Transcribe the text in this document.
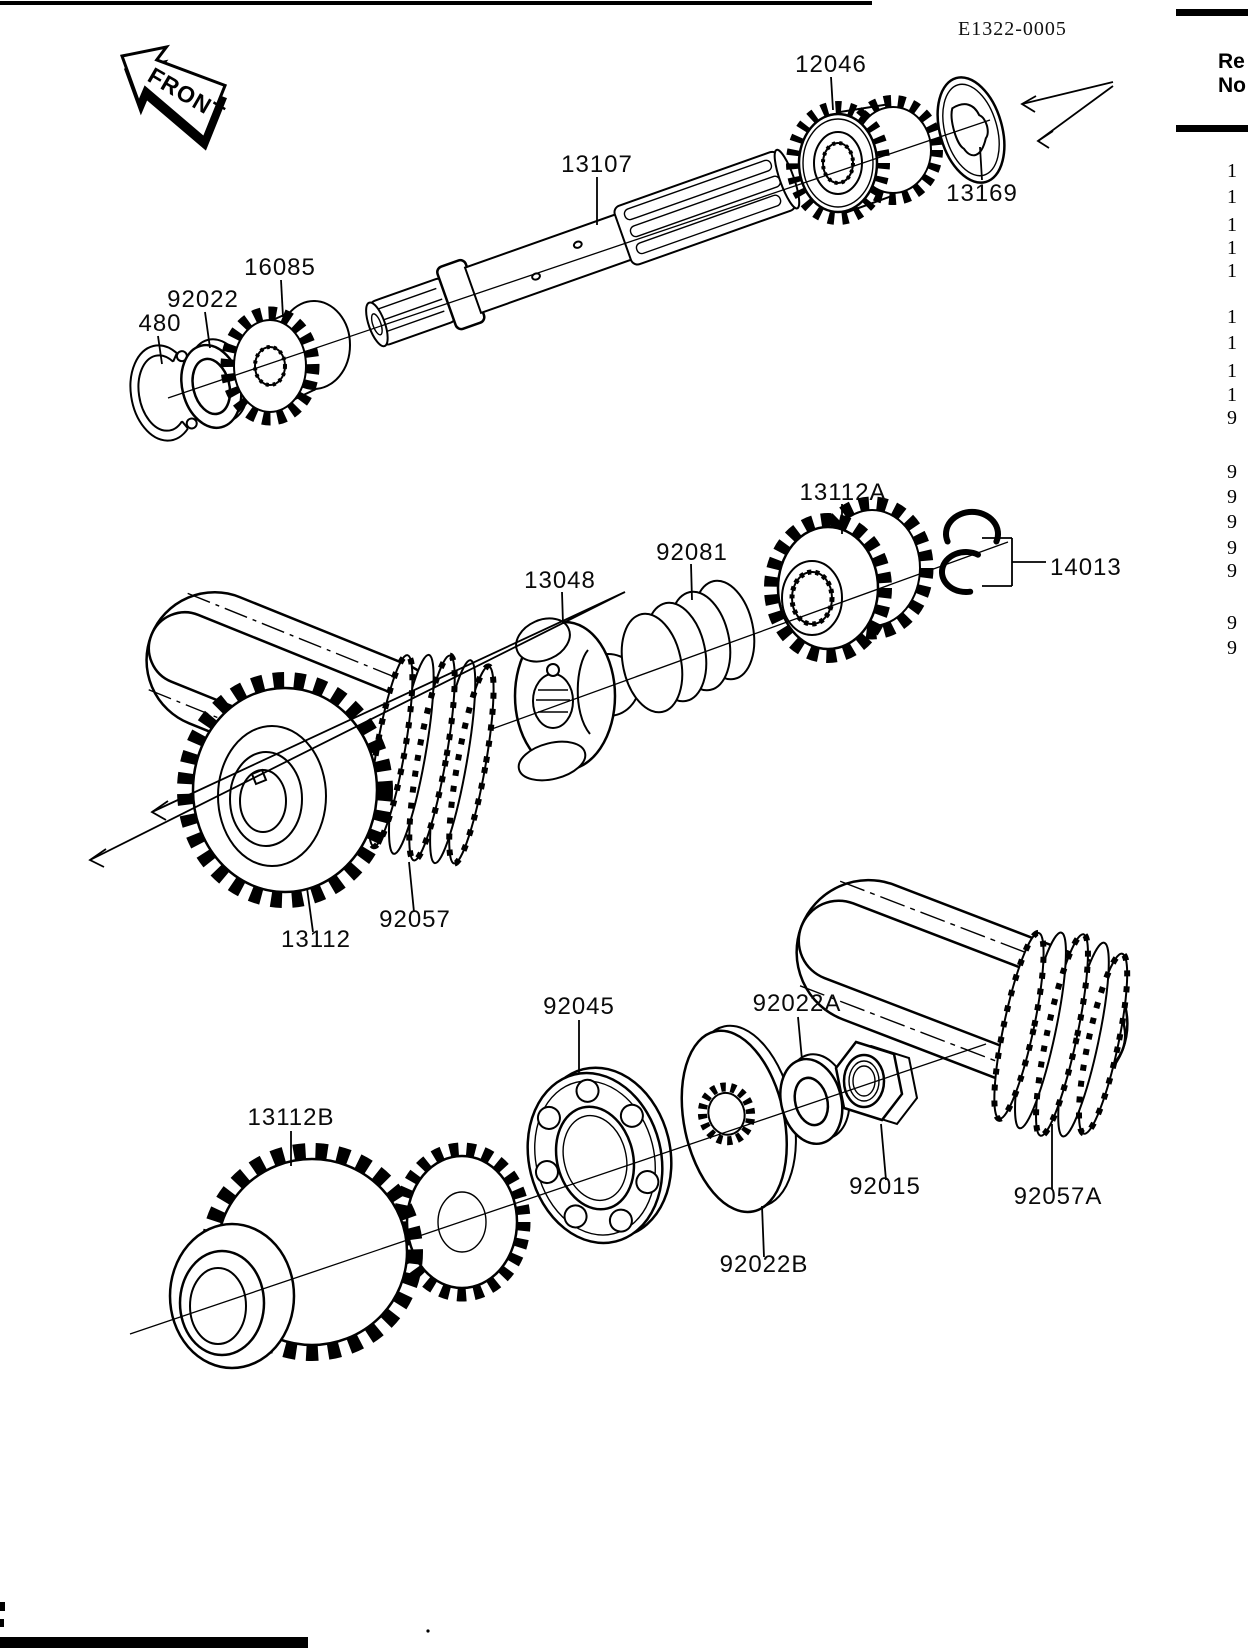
E1322-0005
Re
No
1
1
1
1
1
1
1
1
1
9
9
9
9
9
9
9
9
FRONT
480
92022
16085
13107
12046
13169
13048
92081
13112A
14013
13112
92057
13112B
92045	92022A
92015
92022B
92057A
